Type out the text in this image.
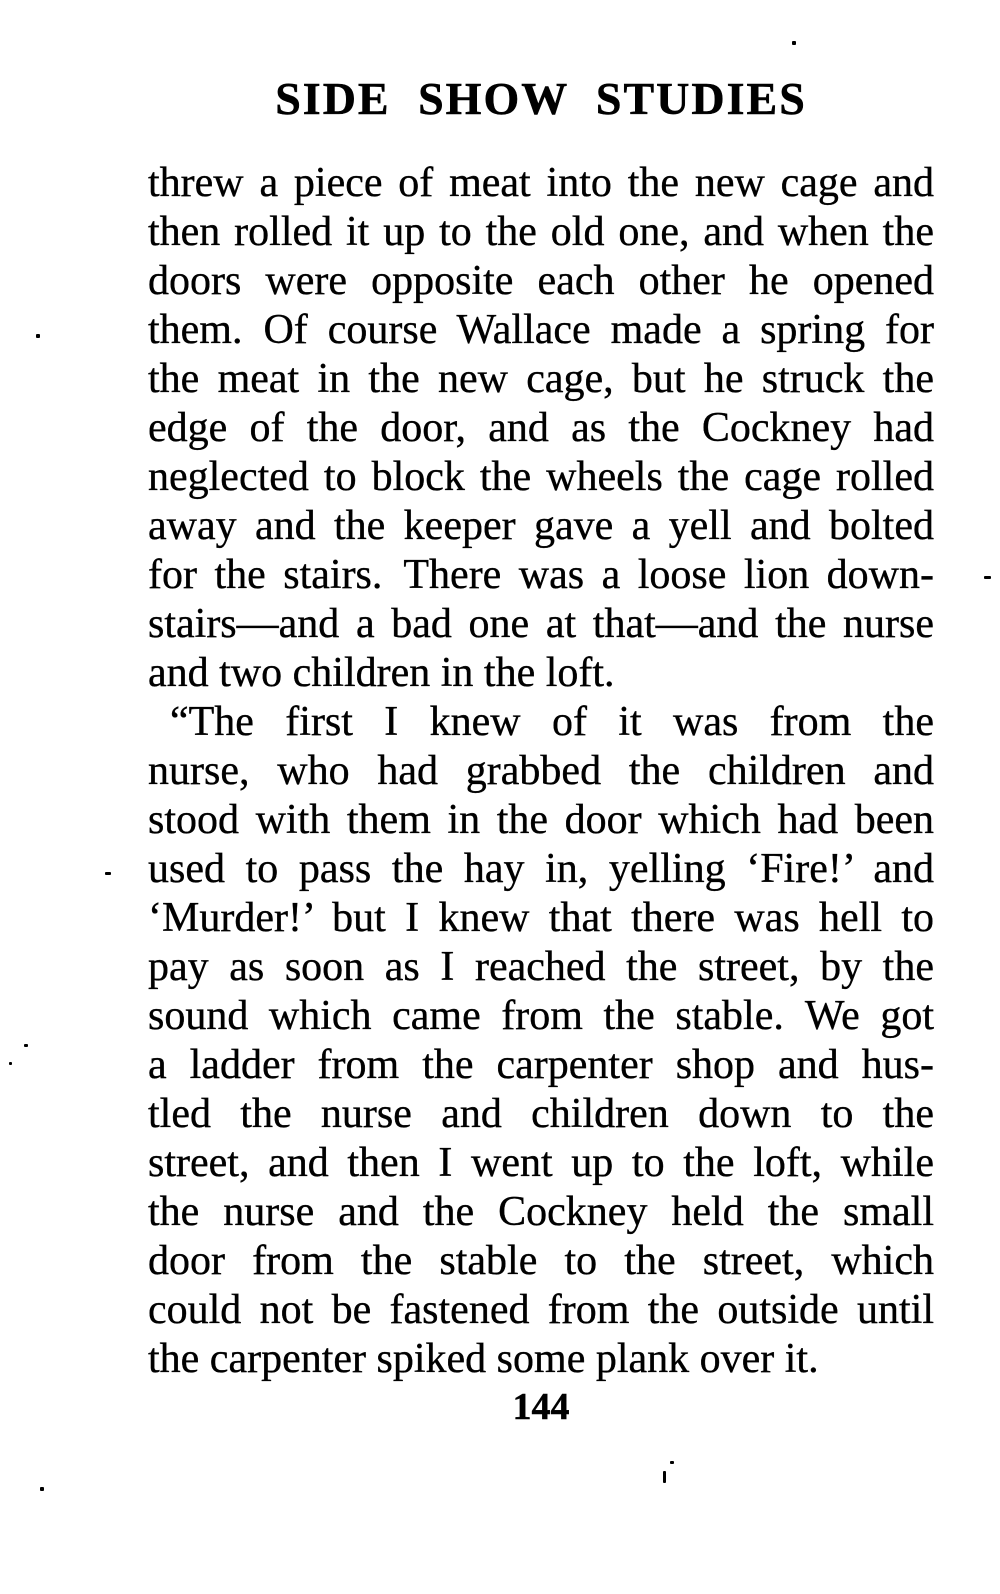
SIDE SHOW STUDIES
threw a piece of meat into the new cage and
then rolled it up to the old one, and when the
doors were opposite each other he opened
them. Of course Wallace made a spring for
the meat in the new cage, but he struck the
edge of the door, and as the Cockney had
neglected to block the wheels the cage rolled
away and the keeper gave a yell and bolted
for the stairs. There was a loose lion down-
stairs—and a bad one at that—and the nurse
and two children in the loft.
“The first I knew of it was from the
nurse, who had grabbed the children and
stood with them in the door which had been
used to pass the hay in, yelling ‘Fire!’ and
‘Murder!’ but I knew that there was hell to
pay as soon as I reached the street, by the
sound which came from the stable. We got
a ladder from the carpenter shop and hus-
tled the nurse and children down to the
street, and then I went up to the loft, while
the nurse and the Cockney held the small
door from the stable to the street, which
could not be fastened from the outside until
the carpenter spiked some plank over it.
144
